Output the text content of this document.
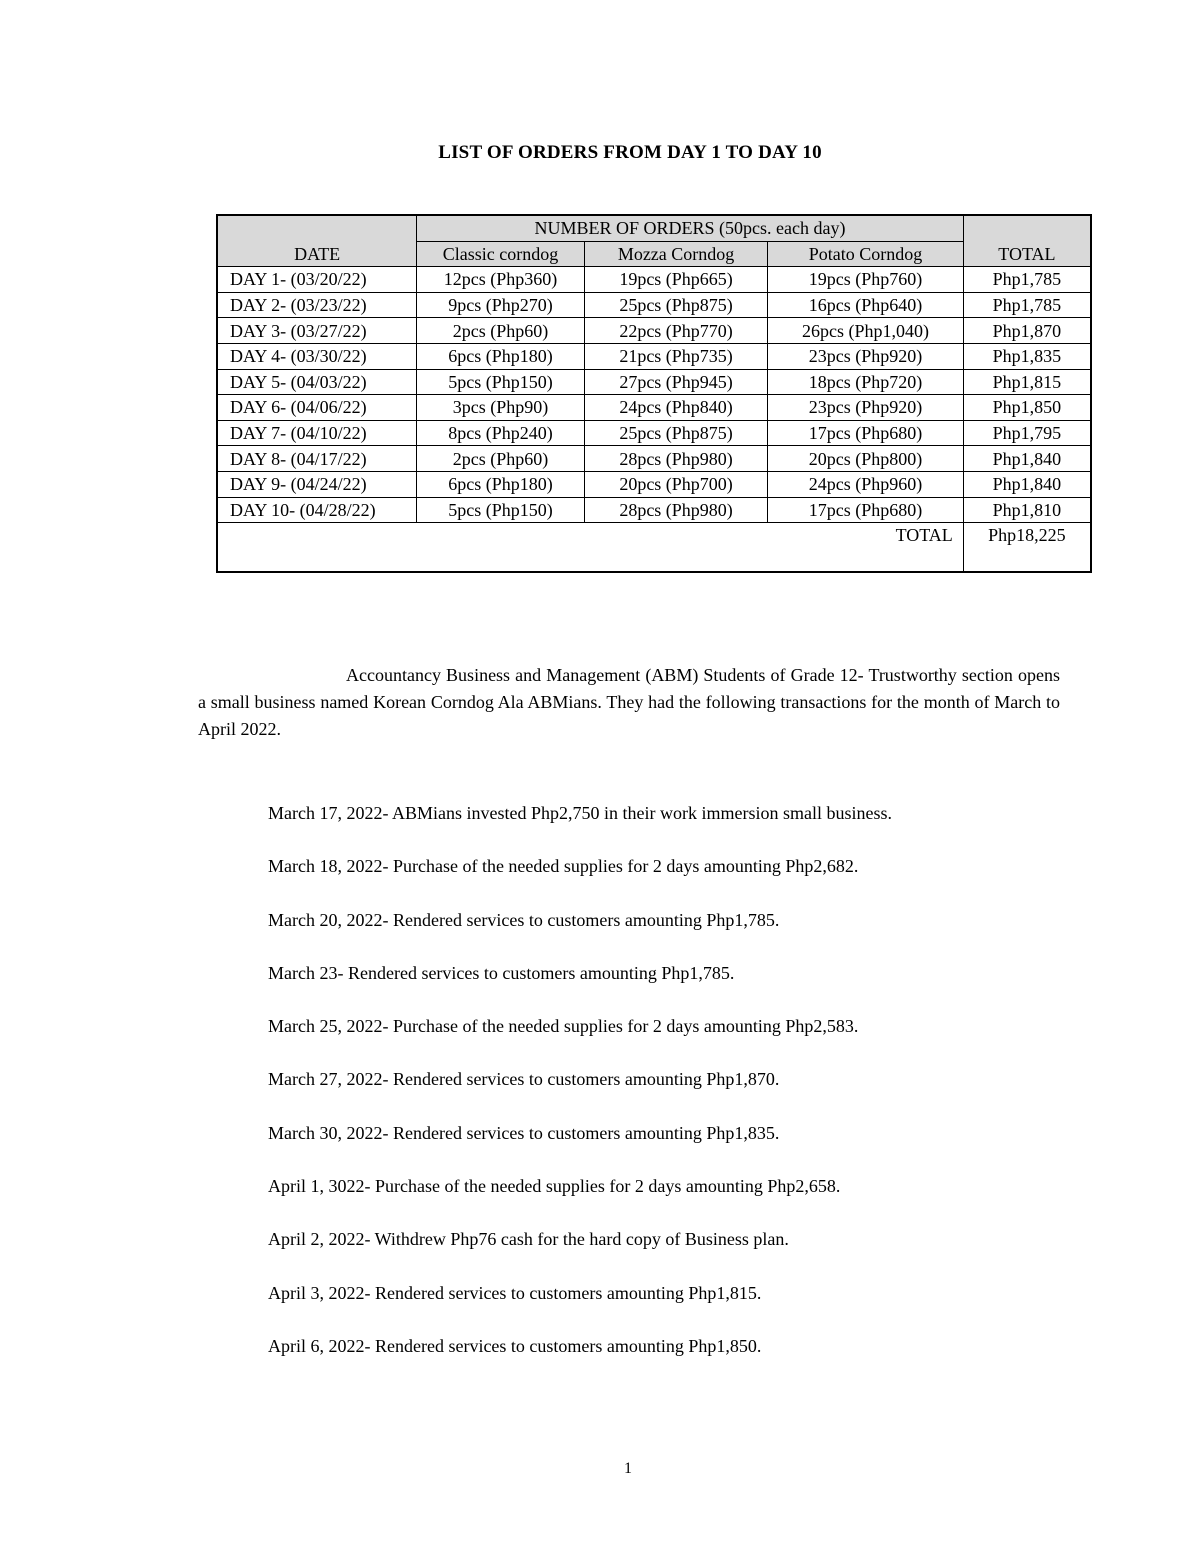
LIST OF ORDERS FROM DAY 1 TO DAY 10
DATE	NUMBER OF ORDERS (50pcs. each day)			TOTAL
	Classic corndog	Mozza Corndog	Potato Corndog	
DAY 1- (03/20/22)	12pcs (Php360)	19pcs (Php665)	19pcs (Php760)	Php1,785
DAY 2- (03/23/22)	9pcs (Php270)	25pcs (Php875)	16pcs (Php640)	Php1,785
DAY 3- (03/27/22)	2pcs (Php60)	22pcs (Php770)	26pcs (Php1,040)	Php1,870
DAY 4- (03/30/22)	6pcs (Php180)	21pcs (Php735)	23pcs (Php920)	Php1,835
DAY 5- (04/03/22)	5pcs (Php150)	27pcs (Php945)	18pcs (Php720)	Php1,815
DAY 6- (04/06/22)	3pcs (Php90)	24pcs (Php840)	23pcs (Php920)	Php1,850
DAY 7- (04/10/22)	8pcs (Php240)	25pcs (Php875)	17pcs (Php680)	Php1,795
DAY 8- (04/17/22)	2pcs (Php60)	28pcs (Php980)	20pcs (Php800)	Php1,840
DAY 9- (04/24/22)	6pcs (Php180)	20pcs (Php700)	24pcs (Php960)	Php1,840
DAY 10- (04/28/22)	5pcs (Php150)	28pcs (Php980)	17pcs (Php680)	Php1,810
TOTAL				Php18,225
Accountancy Business and Management (ABM) Students of Grade 12- Trustworthy section opens a small business named Korean Corndog Ala ABMians. They had the following transactions for the month of March to April 2022.
March 17, 2022- ABMians invested Php2,750 in their work immersion small business.
March 18, 2022- Purchase of the needed supplies for 2 days amounting Php2,682.
March 20, 2022- Rendered services to customers amounting Php1,785.
March 23- Rendered services to customers amounting Php1,785.
March 25, 2022- Purchase of the needed supplies for 2 days amounting Php2,583.
March 27, 2022- Rendered services to customers amounting Php1,870.
March 30, 2022- Rendered services to customers amounting Php1,835.
April 1, 3022- Purchase of the needed supplies for 2 days amounting Php2,658.
April 2, 2022- Withdrew Php76 cash for the hard copy of Business plan.
April 3, 2022- Rendered services to customers amounting Php1,815.
April 6, 2022- Rendered services to customers amounting Php1,850.
1
